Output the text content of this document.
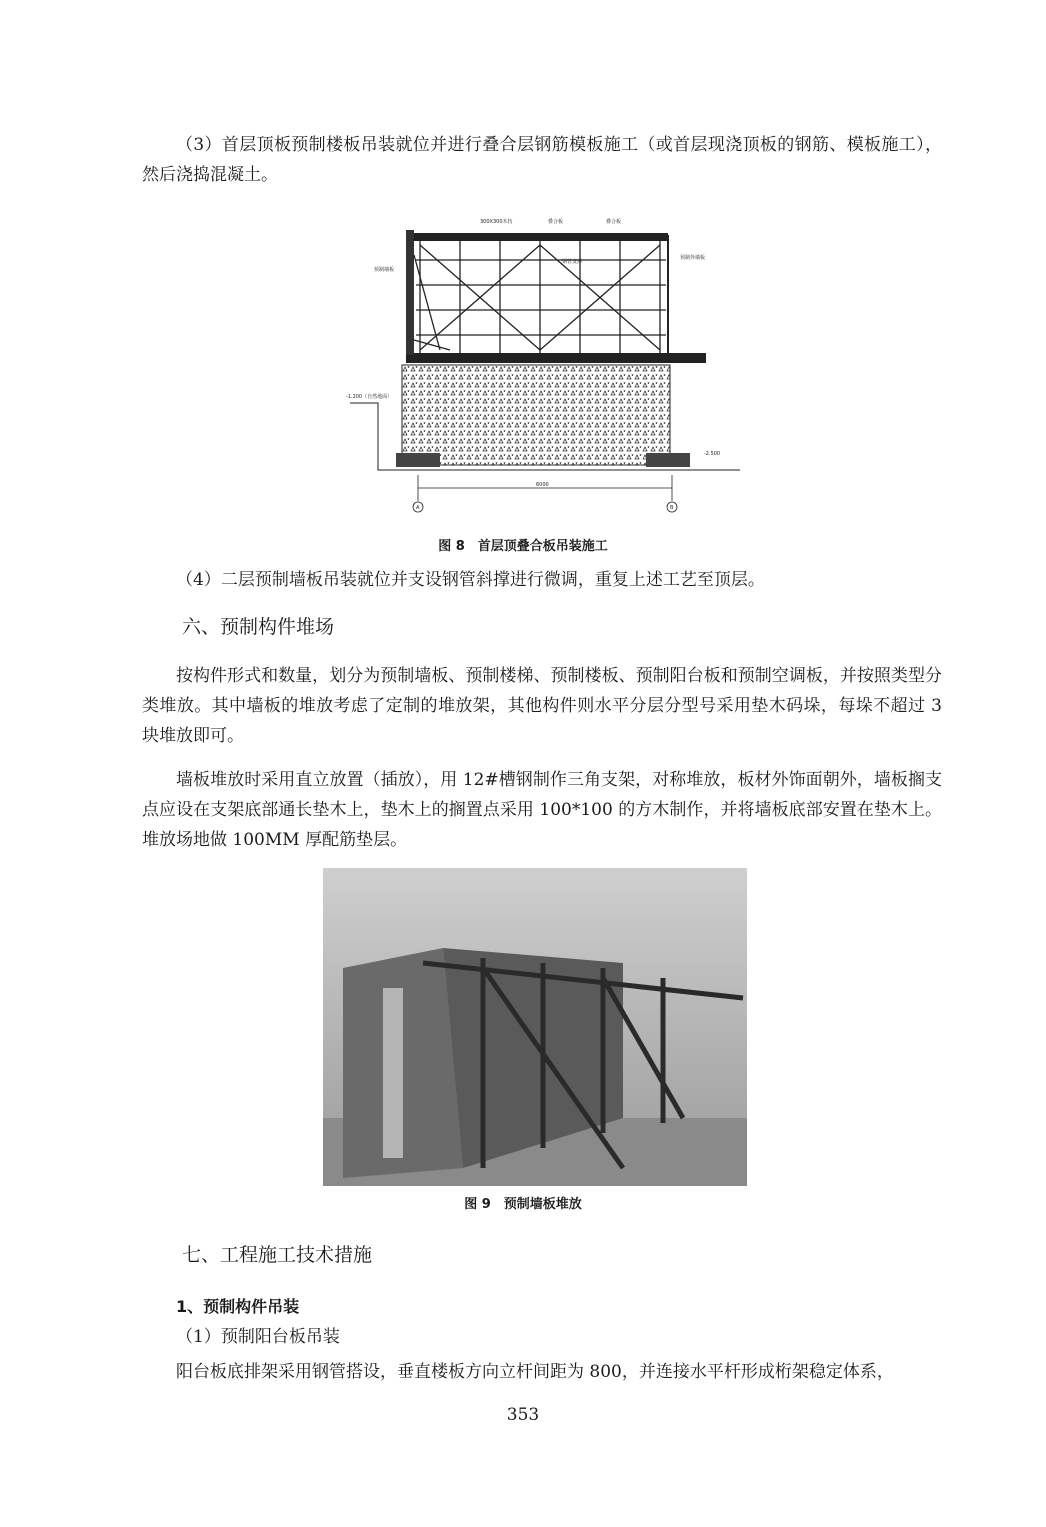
（3）首层顶板预制楼板吊装就位并进行叠合层钢筋模板施工（或首层现浇顶板的钢筋、模板施工），然后浇捣混凝土。

300X300木枋	叠合板	叠合板
钢管支撑
预制墙板
预制外墙板
-1.200（自然地面）
-2.500
6000
A	B

图 8　首层顶叠合板吊装施工

（4）二层预制墙板吊装就位并支设钢管斜撑进行微调，重复上述工艺至顶层。

六、预制构件堆场

按构件形式和数量，划分为预制墙板、预制楼梯、预制楼板、预制阳台板和预制空调板，并按照类型分类堆放。其中墙板的堆放考虑了定制的堆放架，其他构件则水平分层分型号采用垫木码垛，每垛不超过 3 块堆放即可。

墙板堆放时采用直立放置（插放），用 12#槽钢制作三角支架，对称堆放，板材外饰面朝外，墙板搁支点应设在支架底部通长垫木上，垫木上的搁置点采用 100*100 的方木制作，并将墙板底部安置在垫木上。堆放场地做 100MM 厚配筋垫层。

图 9　预制墙板堆放

七、工程施工技术措施

1、预制构件吊装

（1）预制阳台板吊装

阳台板底排架采用钢管搭设，垂直楼板方向立杆间距为 800，并连接水平杆形成桁架稳定体系，

353
